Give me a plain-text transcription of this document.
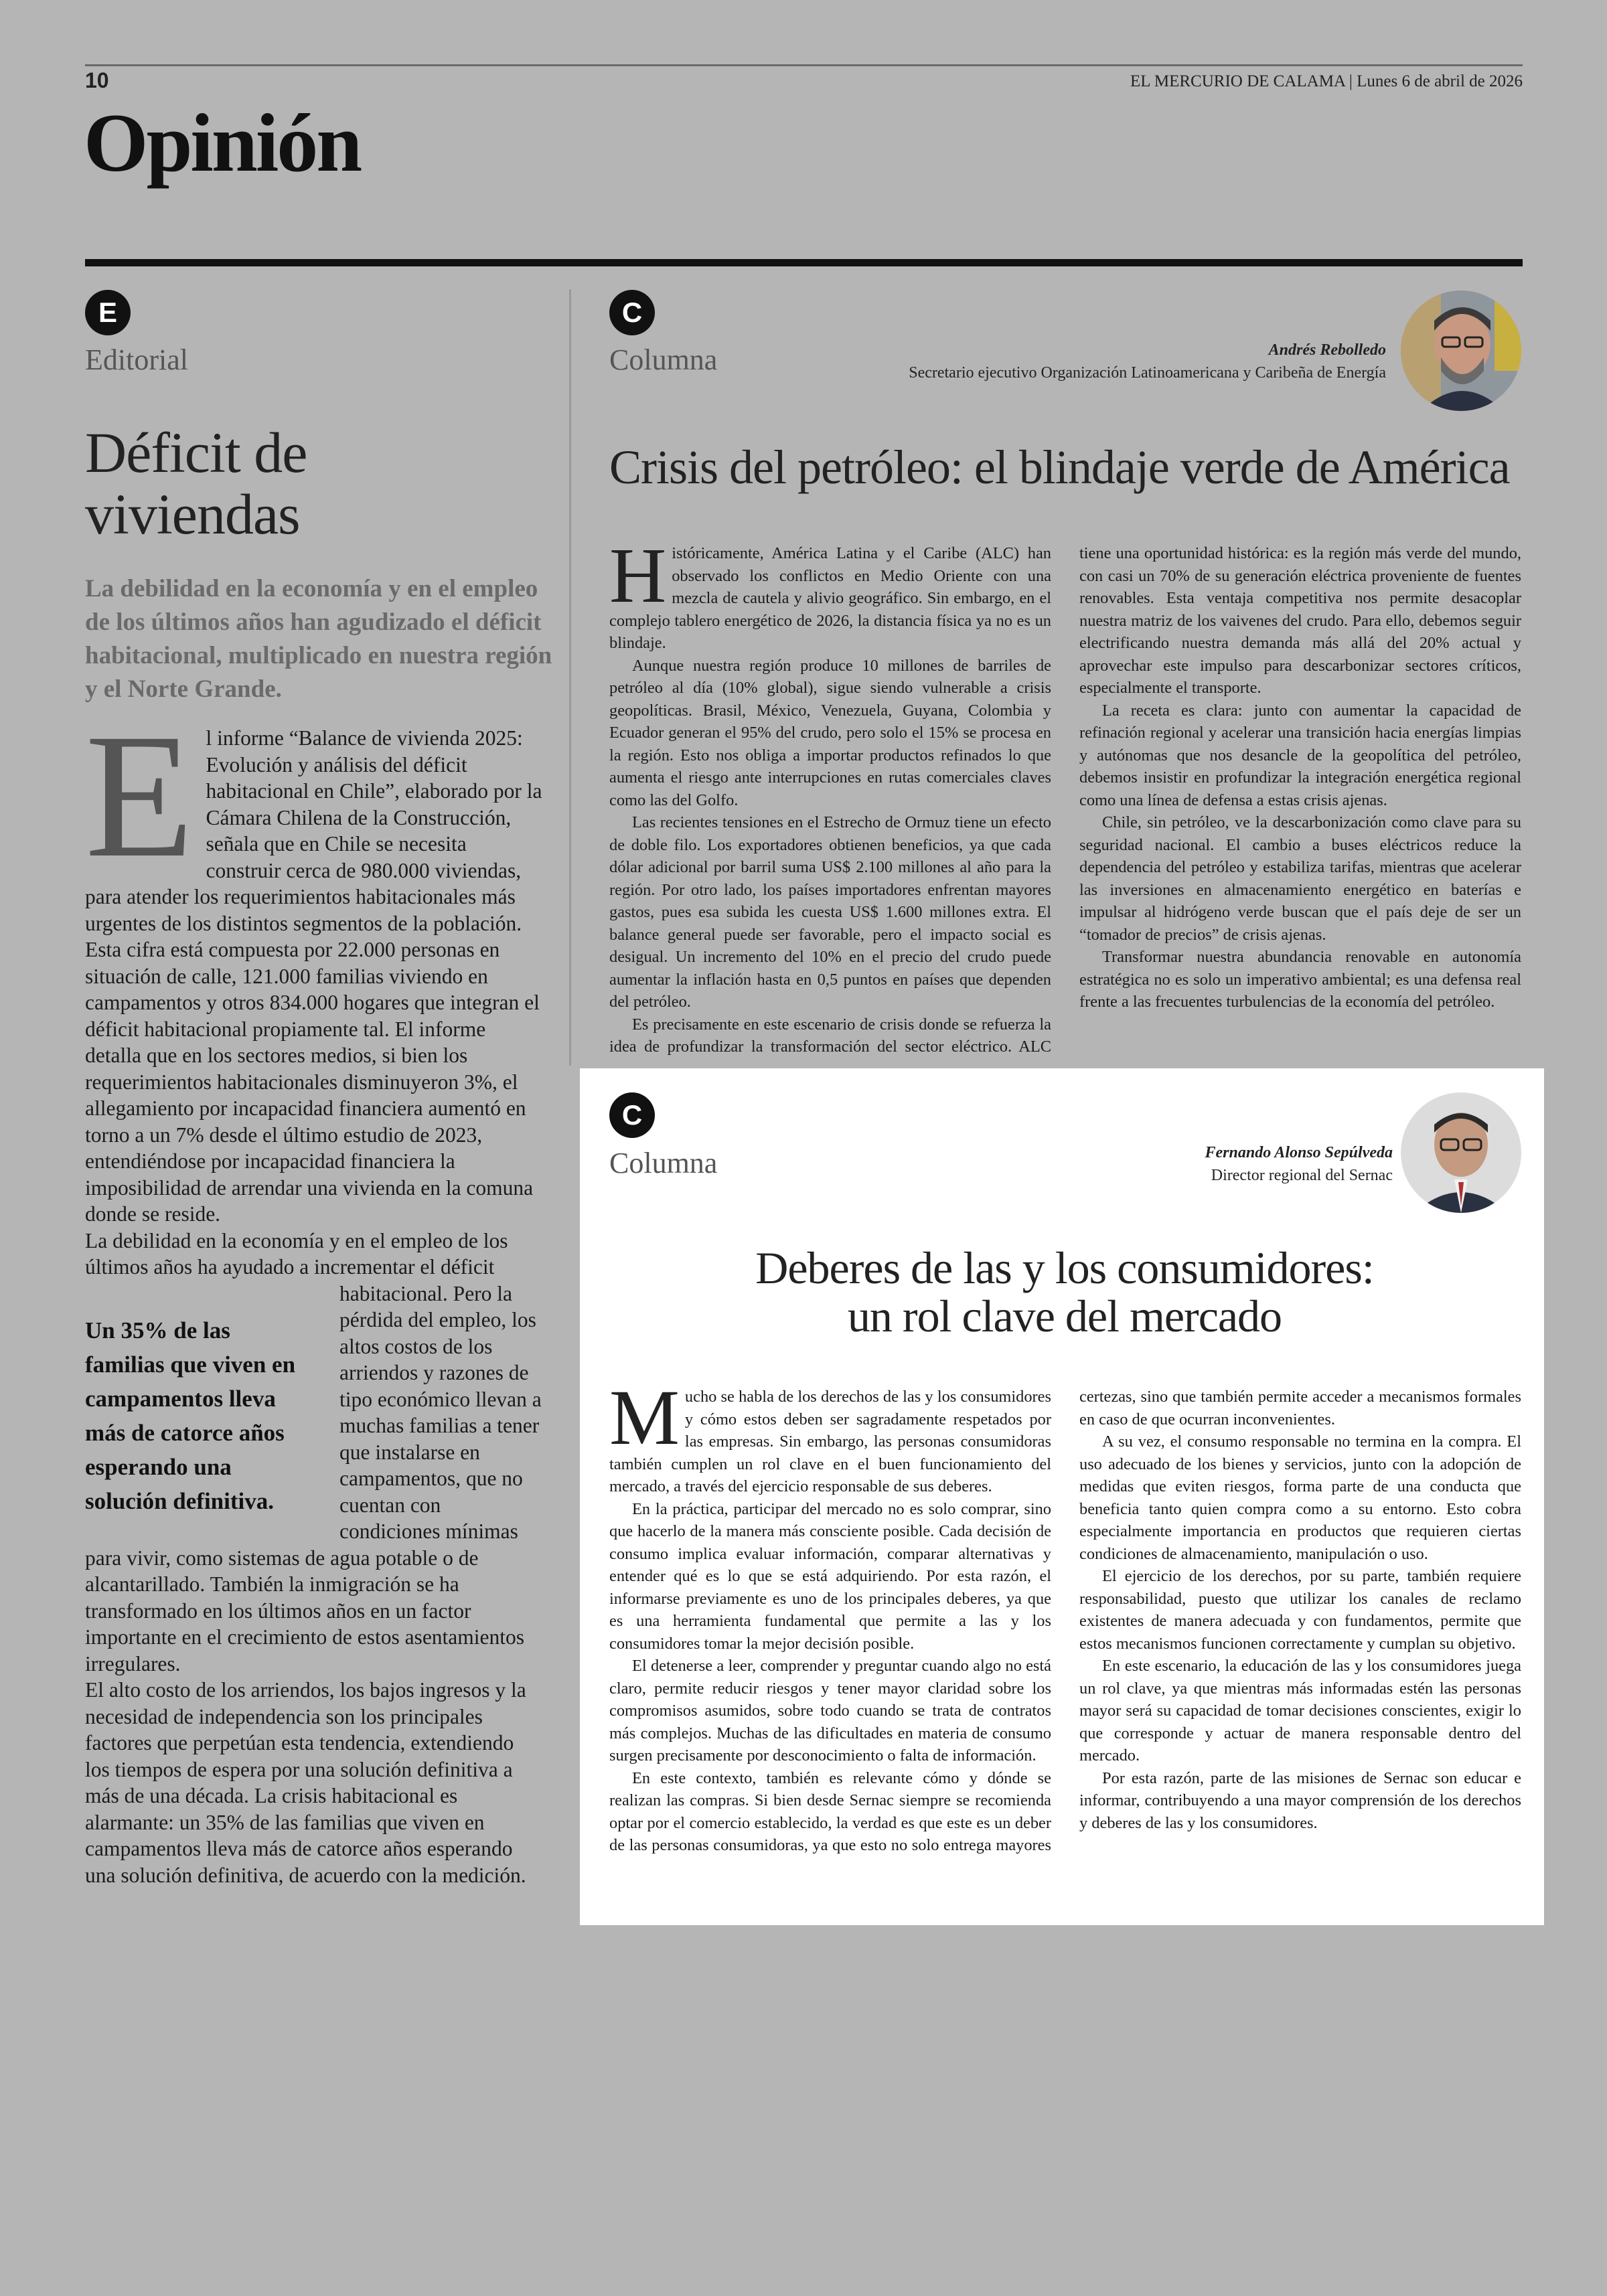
10	EL MERCURIO DE CALAMA | Lunes 6 de abril de 2026
Opinión
E
Editorial
Déficit de
viviendas
La debilidad en la economía y en el empleo de los últimos años han agudizado el déficit habitacional, multiplicado en nuestra región y el Norte Grande.
E l informe “Balance de vivienda 2025: Evolución y análisis del déficit habitacional en Chile”, elaborado por la Cámara Chilena de la Construcción, señala que en Chile se necesita construir cerca de 980.000 viviendas, para atender los requerimientos habitacionales más urgentes de los distintos segmentos de la población.

Un 35% de las familias que viven en campamentos lleva más de catorce años esperando una solución definitiva.

Esta cifra está compuesta por 22.000 personas en situación de calle, 121.000 familias viviendo en campamentos y otros 834.000 hogares que integran el déficit habitacional propiamente tal. El informe detalla que en los sectores medios, si bien los requerimientos habitacionales disminuyeron 3%, el allegamiento por incapacidad financiera aumentó en torno a un 7% desde el último estudio de 2023, entendiéndose por incapacidad financiera la imposibilidad de arrendar una vivienda en la comuna donde se reside.

La debilidad en la economía y en el empleo de los últimos años ha ayudado a incrementar el déficit habitacional. Pero la pérdida del empleo, los altos costos de los arriendos y razones de tipo económico llevan a muchas familias a tener que instalarse en campamentos, que no cuentan con condiciones mínimas para vivir, como sistemas de agua potable o de alcantarillado. También la inmigración se ha transformado en los últimos años en un factor importante en el crecimiento de estos asentamientos irregulares.

El alto costo de los arriendos, los bajos ingresos y la necesidad de independencia son los principales factores que perpetúan esta tendencia, extendiendo los tiempos de espera por una solución definitiva a más de una década. La crisis habitacional es alarmante: un 35% de las familias que viven en campamentos lleva más de catorce años esperando una solución definitiva, de acuerdo con la medición.

C
Columna	Andrés Rebolledo
Secretario ejecutivo Organización Latinoamericana y Caribeña de Energía
Crisis del petróleo: el blindaje verde de América

Históricamente, América Latina y el Caribe (ALC) han observado los conflictos en Medio Oriente con una mezcla de cautela y alivio geográfico. Sin embargo, en el complejo tablero energético de 2026, la distancia física ya no es un blindaje.

Aunque nuestra región produce 10 millones de barriles de petróleo al día (10% global), sigue siendo vulnerable a crisis geopolíticas. Brasil, México, Venezuela, Guyana, Colombia y Ecuador generan el 95% del crudo, pero solo el 15% se procesa en la región. Esto nos obliga a importar productos refinados lo que aumenta el riesgo ante interrupciones en rutas comerciales claves como las del Golfo.

Las recientes tensiones en el Estrecho de Ormuz tiene un efecto de doble filo. Los exportadores obtienen beneficios, ya que cada dólar adicional por barril suma US$ 2.100 millones al año para la región. Por otro lado, los países importadores enfrentan mayores gastos, pues esa subida les cuesta US$ 1.600 millones extra. El balance general puede ser favorable, pero el impacto social es desigual. Un incremento del 10% en el precio del crudo puede aumentar la inflación hasta en 0,5 puntos en países que dependen del petróleo.

Es precisamente en este escenario de crisis donde se refuerza la idea de profundizar la transformación del sector eléctrico. ALC tiene una oportunidad histórica: es la región más verde del mundo, con casi un 70% de su generación eléctrica proveniente de fuentes renovables. Esta ventaja competitiva nos permite desacoplar nuestra matriz de los vaivenes del crudo. Para ello, debemos seguir electrificando nuestra demanda más allá del 20% actual y aprovechar este impulso para descarbonizar sectores críticos, especialmente el transporte.

La receta es clara: junto con aumentar la capacidad de refinación regional y acelerar una transición hacia energías limpias y autónomas que nos desancle de la geopolítica del petróleo, debemos insistir en profundizar la integración energética regional como una línea de defensa a estas crisis ajenas.

Chile, sin petróleo, ve la descarbonización como clave para su seguridad nacional. El cambio a buses eléctricos reduce la dependencia del petróleo y estabiliza tarifas, mientras que acelerar las inversiones en almacenamiento energético en baterías e impulsar al hidrógeno verde buscan que el país deje de ser un “tomador de precios” de crisis ajenas.

Transformar nuestra abundancia renovable en autonomía estratégica no es solo un imperativo ambiental; es una defensa real frente a las frecuentes turbulencias de la economía del petróleo.

C
Columna	Fernando Alonso Sepúlveda
Director regional del Sernac
Deberes de las y los consumidores:
un rol clave del mercado

Mucho se habla de los derechos de las y los consumidores y cómo estos deben ser sagradamente respetados por las empresas. Sin embargo, las personas consumidoras también cumplen un rol clave en el buen funcionamiento del mercado, a través del ejercicio responsable de sus deberes.

En la práctica, participar del mercado no es solo comprar, sino que hacerlo de la manera más consciente posible. Cada decisión de consumo implica evaluar información, comparar alternativas y entender qué es lo que se está adquiriendo. Por esta razón, el informarse previamente es uno de los principales deberes, ya que es una herramienta fundamental que permite a las y los consumidores tomar la mejor decisión posible.

El detenerse a leer, comprender y preguntar cuando algo no está claro, permite reducir riesgos y tener mayor claridad sobre los compromisos asumidos, sobre todo cuando se trata de contratos más complejos. Muchas de las dificultades en materia de consumo surgen precisamente por desconocimiento o falta de información.

En este contexto, también es relevante cómo y dónde se realizan las compras. Si bien desde Sernac siempre se recomienda optar por el comercio establecido, la verdad es que este es un deber de las personas consumidoras, ya que esto no solo entrega mayores certezas, sino que también permite acceder a mecanismos formales en caso de que ocurran inconvenientes.

A su vez, el consumo responsable no termina en la compra. El uso adecuado de los bienes y servicios, junto con la adopción de medidas que eviten riesgos, forma parte de una conducta que beneficia tanto quien compra como a su entorno. Esto cobra especialmente importancia en productos que requieren ciertas condiciones de almacenamiento, manipulación o uso.

El ejercicio de los derechos, por su parte, también requiere responsabilidad, puesto que utilizar los canales de reclamo existentes de manera adecuada y con fundamentos, permite que estos mecanismos funcionen correctamente y cumplan su objetivo.

En este escenario, la educación de las y los consumidores juega un rol clave, ya que mientras más informadas estén las personas mayor será su capacidad de tomar decisiones conscientes, exigir lo que corresponde y actuar de manera responsable dentro del mercado.

Por esta razón, parte de las misiones de Sernac son educar e informar, contribuyendo a una mayor comprensión de los derechos y deberes de las y los consumidores.
